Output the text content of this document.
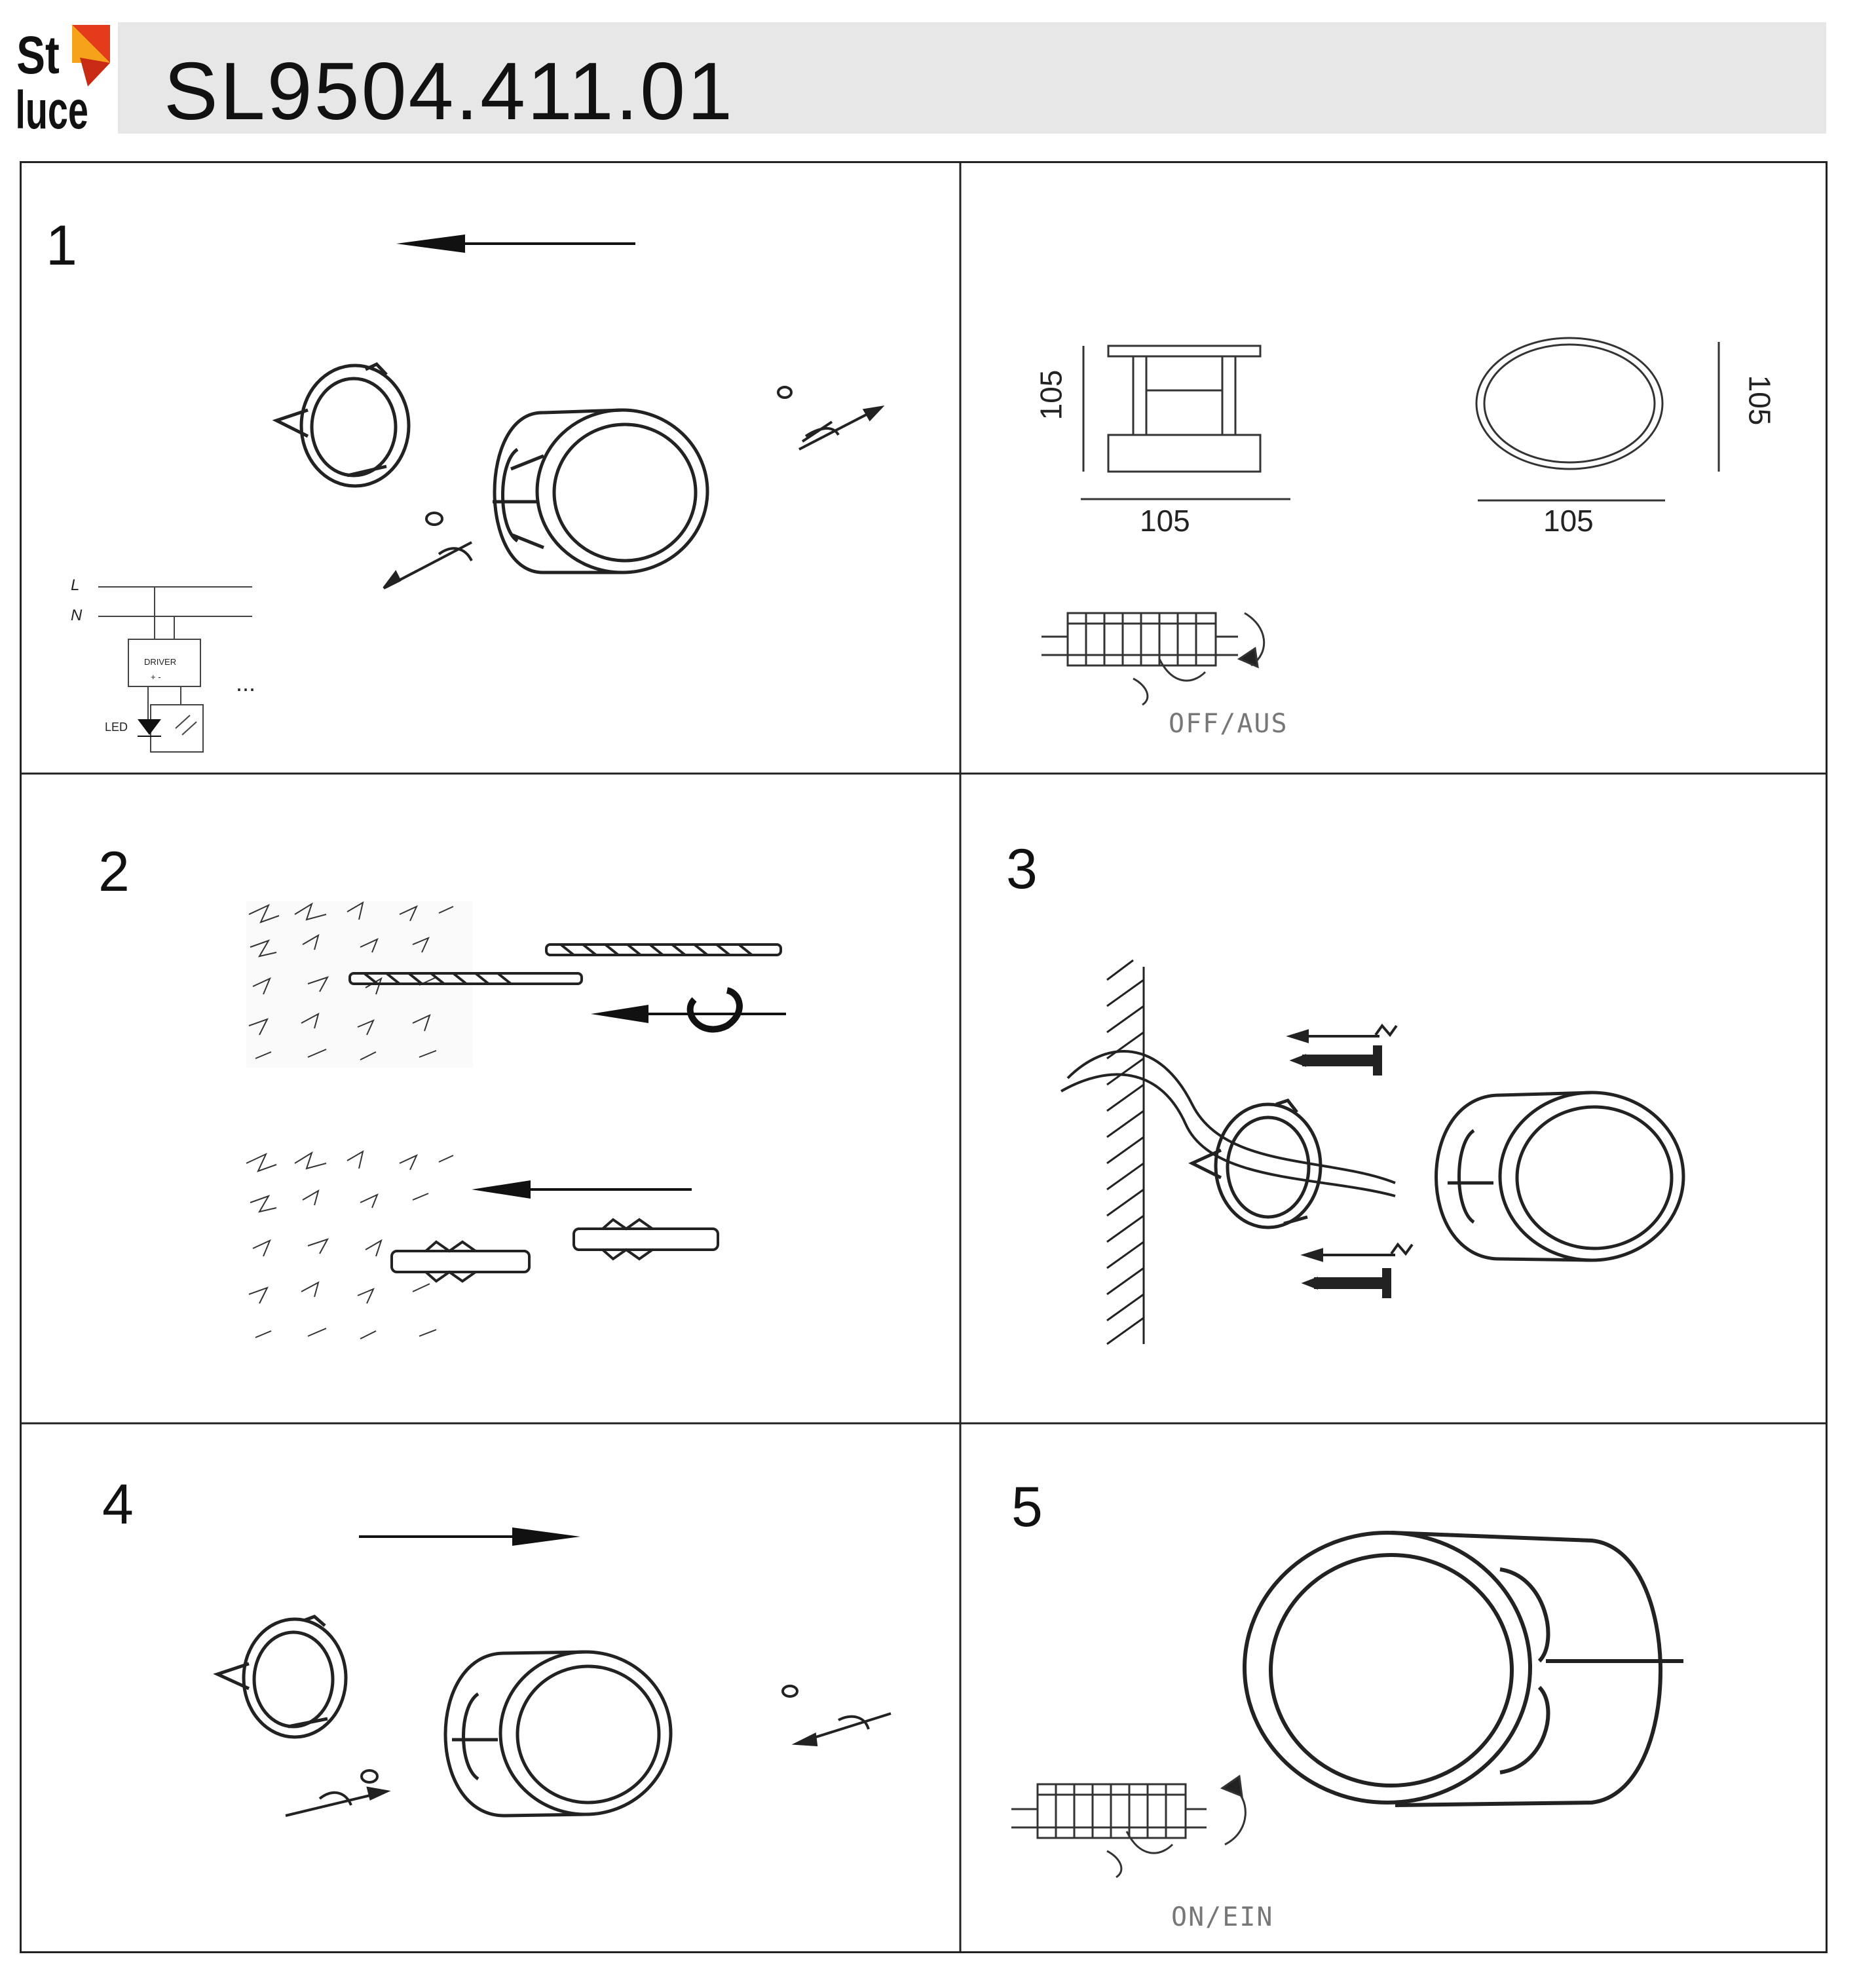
St
luce SL9504.411.01
1
L
N
DRIVER
+ -
LED
...
105
105	105
105
OFF/AUS
2	3
4	5
ON/EIN
